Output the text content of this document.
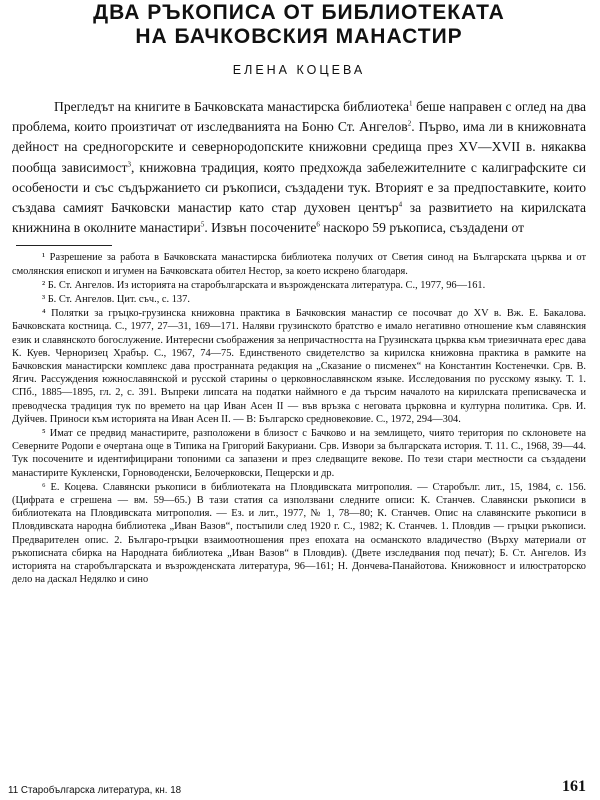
ДВА РЪКОПИСА ОТ БИБЛИОТЕКАТА
НА БАЧКОВСКИЯ МАНАСТИР
ЕЛЕНА КОЦЕВА

Прегледът на книгите в Бачковската манастирска библиотека$^1$ беше направен с оглед на два проблема, които произтичат от изследванията на Боню Ст. Ангелов$^2$. Първо, има ли в книжовната дейност на средногорските и севернородопските книжовни средища през XV—XVII в. някаква пообща зависимост$^3$, книжовна традиция, която предхожда забележителните с калиграфските си особености и със съдържанието си ръкописи, създадени тук. Вторият е за предпоставките, които създава самият Бачковски манастир като стар духовен център$^4$ за развитието на кирилската книжнина в околните манастири$^5$. Извън посочените$^6$ наскоро 59 ръкописа, създадени от

¹ Разрешение за работа в Бачковската манастирска библиотека получих от Светия синод на Българската църква и от смолянския епископ и игумен на Бачковската обител Нестор, за което искрено благодаря.

² Б. Ст. Ангелов. Из историята на старобългарската и възрожденската литература. С., 1977, 96—161.

³ Б. Ст. Ангелов. Цит. съч., с. 137.

⁴ Полятки за гръцко-грузинска книжовна практика в Бачковския манастир се посочват до XV в. Вж. Е. Бакалова. Бачковската костница. С., 1977, 27—31, 169—171. Наляви грузинското братство е имало негативно отношение към славянския език и славянското богослужение. Интересни съображения за непричастността на Грузинската църква към триезичната ерес дава К. Куев. Черноризец Храбър. С., 1967, 74—75. Единственото свидетелство за кирилска книжовна практика в рамките на Бачковския манастирски комплекс дава пространната редакция на „Сказание о писменех“ на Константин Костенечки. Срв. В. Ягич. Рассуждения южнославянской и русской старины о церковнославянском языке. Исследования по русскому языку. Т. 1. СПб., 1885—1895, гл. 2, с. 391. Въпреки липсата на податки наймного е да търсим началото на кирилската преписваческа и преводческа традиция тук по времето на цар Иван Асен II — във връзка с неговата църковна и културна политика. Срв. И. Дуйчев. Приноси към историята на Иван Асен II. — В: Българско средновековие. С., 1972, 294—304.

⁵ Имат се предвид манастирите, разположени в близост с Бачково и на землището, чиято територия по склоновете на Северните Родопи е очертана още в Типика на Григорий Бакуриани. Срв. Извори за българската история. Т. 11. С., 1968, 39—44. Тук посочените и идентифицирани топоними са запазени и през следващите векове. По тези стари местности са създадени манастирите Кукленски, Горноводенски, Белочерковски, Пещерски и др.

⁶ Е. Коцева. Славянски ръкописи в библиотеката на Пловдивската митрополия. — Старобълг. лит., 15, 1984, с. 156. (Цифрата е сгрешена — вм. 59—65.) В тази статия са използвани следните описи: К. Станчев. Славянски ръкописи в библиотеката на Пловдивската митрополия. — Ез. и лит., 1977, № 1, 78—80; К. Станчев. Опис на славянските ръкописи в Пловдивската народна библиотека „Иван Вазов“, постъпили след 1920 г. С., 1982; К. Станчев. 1. Пловдив — гръцки ръкописи. Предварителен опис. 2. Българо-гръцки взаимоотношения през епохата на османското владичество (Върху материали от ръкописната сбирка на Народната библиотека „Иван Вазов“ в Пловдив). (Двете изследвания под печат); Б. Ст. Ангелов. Из историята на старобългарската и възрожденската литература, 96—161; Н. Дончева-Панайотова. Книжовност и илюстраторско дело на даскал Недялко и синo

11 Старобългарска литература, кн. 18	161
